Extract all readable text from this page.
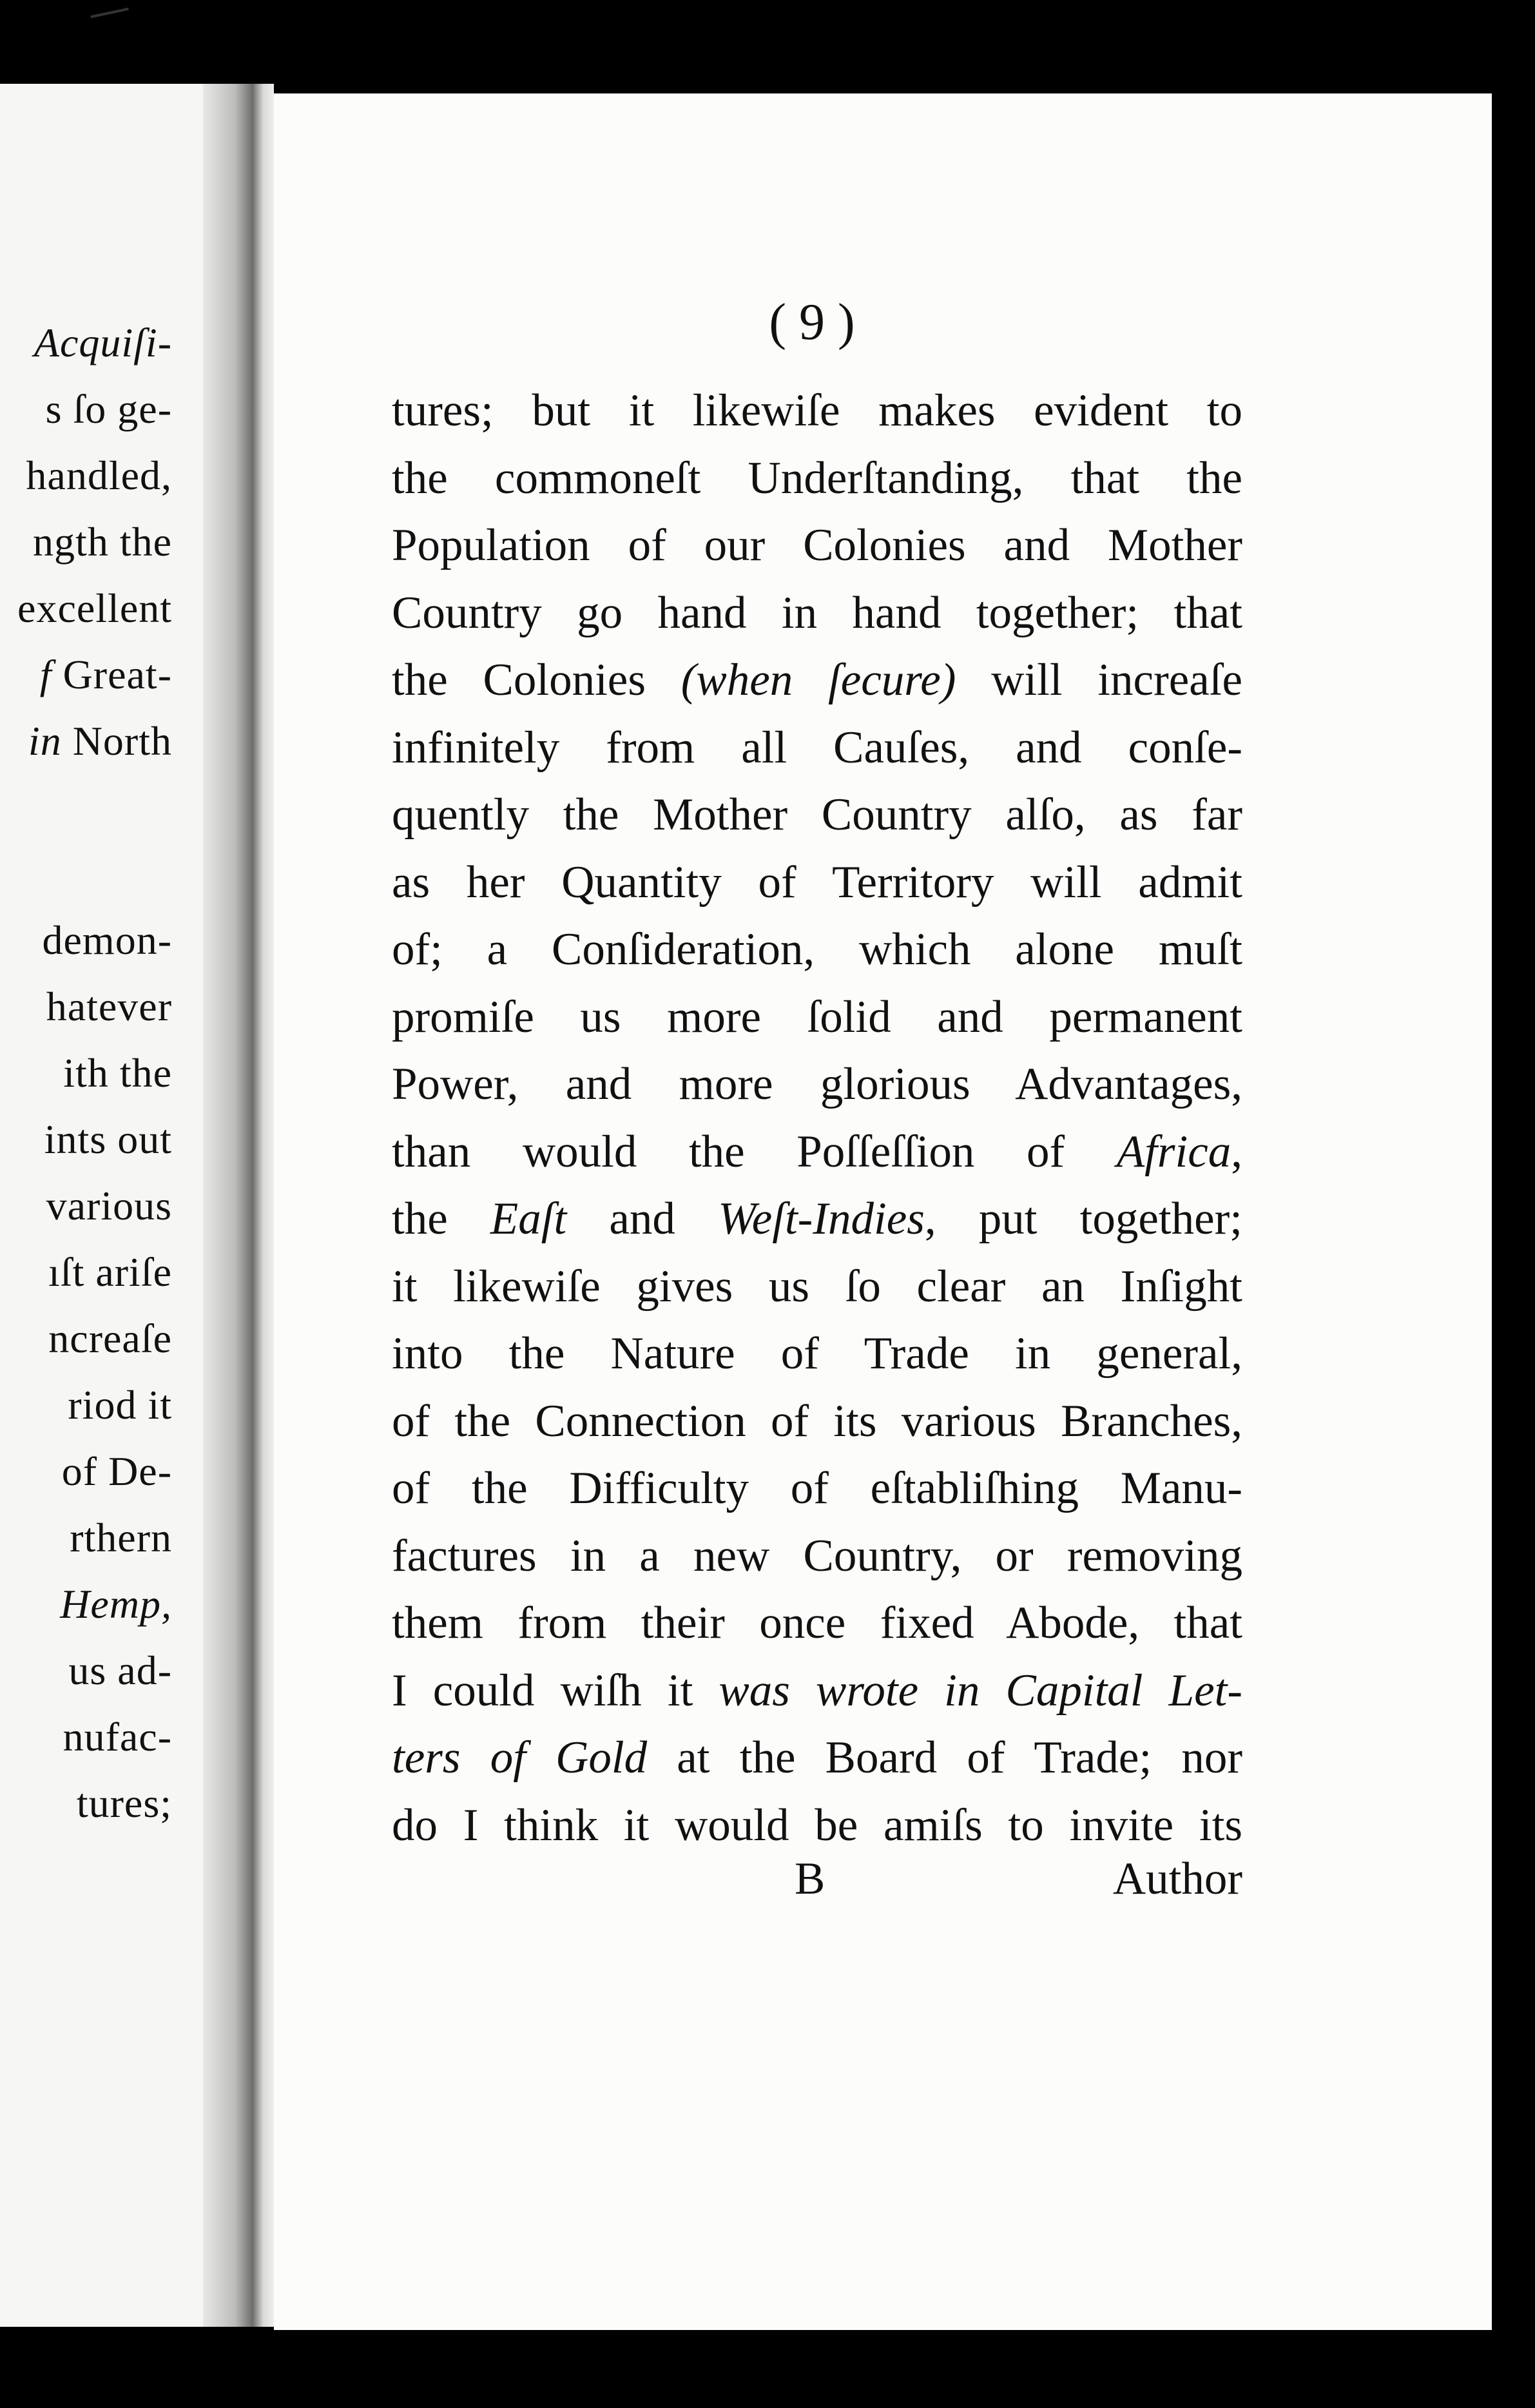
Acquiſi-
s ſo ge-
handled,
ngth the
excellent
f Great-
in North
demon-
hatever
ith the
ints out
various
ıſt ariſe
ncreaſe
riod it
of De-
rthern
Hemp,
us ad-
nufac-
tures;
( 9 )
tures; but it likewiſe makes evident to
the commoneſt Underſtanding, that the
Population of our Colonies and Mother
Country go hand in hand together; that
the Colonies (when ſecure) will increaſe
infinitely from all Cauſes, and conſe-
quently the Mother Country alſo, as far
as her Quantity of Territory will admit
of; a Conſideration, which alone muſt
promiſe us more ſolid and permanent
Power, and more glorious Advantages,
than would the Poſſeſſion of Africa,
the Eaſt and Weſt-Indies, put together;
it likewiſe gives us ſo clear an Inſight
into the Nature of Trade in general,
of the Connection of its various Branches,
of the Difficulty of eſtabliſhing Manu-
factures in a new Country, or removing
them from their once fixed Abode, that
I could wiſh it was wrote in Capital Let-
ters of Gold at the Board of Trade; nor
do I think it would be amiſs to invite its
B	Author
